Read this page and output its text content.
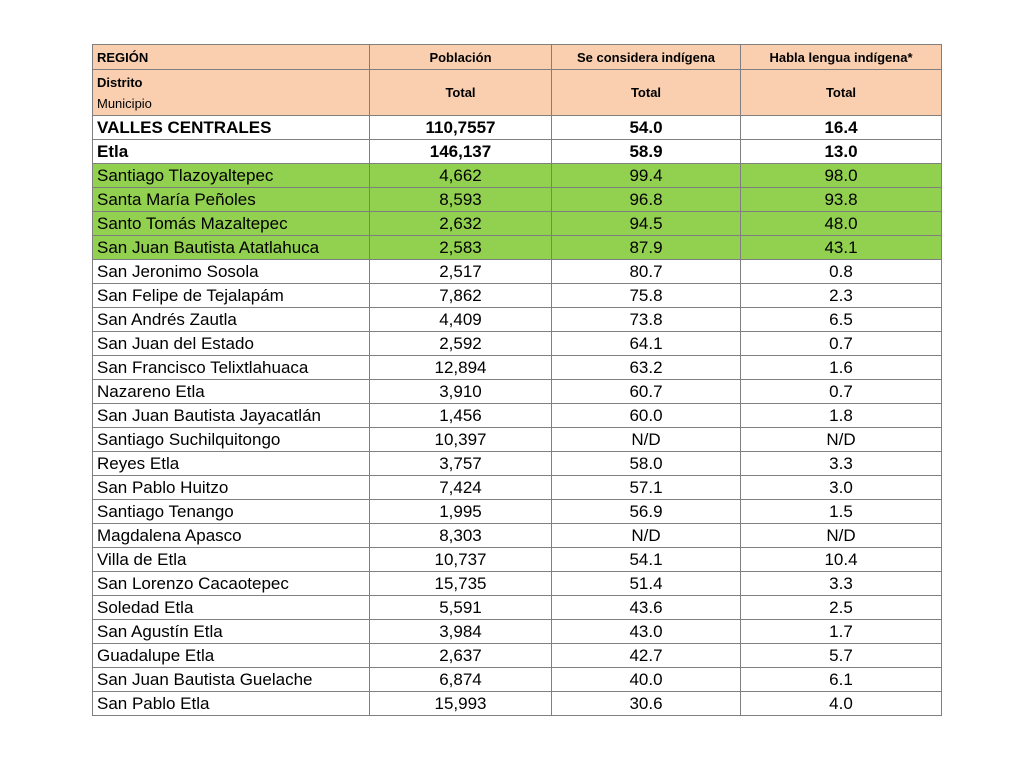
REGIÓN	Población	Se considera indígena	Habla lengua indígena*

Distrito
Municipio	Total	Total	Total
VALLES CENTRALES	110,7557	54.0	16.4
Etla	146,137	58.9	13.0
Santiago Tlazoyaltepec	4,662	99.4	98.0
Santa María Peñoles	8,593	96.8	93.8
Santo Tomás Mazaltepec	2,632	94.5	48.0
San Juan Bautista Atatlahuca	2,583	87.9	43.1
San Jeronimo Sosola	2,517	80.7	0.8
San Felipe de Tejalapám	7,862	75.8	2.3
San Andrés Zautla	4,409	73.8	6.5
San Juan del Estado	2,592	64.1	0.7
San Francisco Telixtlahuaca	12,894	63.2	1.6
Nazareno Etla	3,910	60.7	0.7
San Juan Bautista Jayacatlán	1,456	60.0	1.8
Santiago Suchilquitongo	10,397	N/D	N/D
Reyes Etla	3,757	58.0	3.3
San Pablo Huitzo	7,424	57.1	3.0
Santiago Tenango	1,995	56.9	1.5
Magdalena Apasco	8,303	N/D	N/D
Villa de Etla	10,737	54.1	10.4
San Lorenzo Cacaotepec	15,735	51.4	3.3
Soledad Etla	5,591	43.6	2.5
San Agustín Etla	3,984	43.0	1.7
Guadalupe Etla	2,637	42.7	5.7
San Juan Bautista Guelache	6,874	40.0	6.1
San Pablo Etla	15,993	30.6	4.0
